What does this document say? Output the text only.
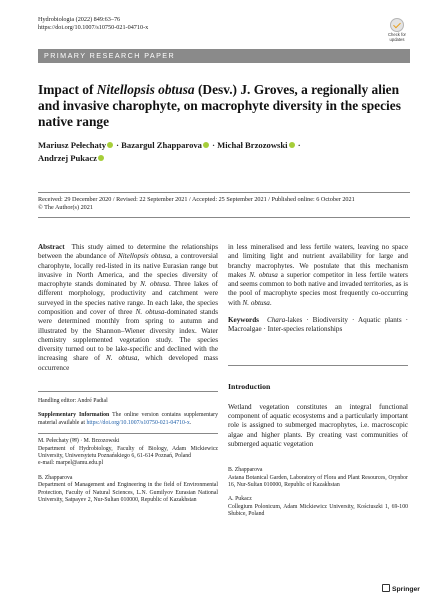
Hydrobiologia (2022) 849:63–76
https://doi.org/10.1007/s10750-021-04710-x
Check for
updates
PRIMARY RESEARCH PAPER
Impact of Nitellopsis obtusa (Desv.) J. Groves, a regionally alien and invasive charophyte, on macrophyte diversity in the species native range
Mariusz Pełechaty · Bazargul Zhapparova · Michał Brzozowski ·
Andrzej Pukacz
Received: 29 December 2020 / Revised: 22 September 2021 / Accepted: 25 September 2021 / Published online: 6 October 2021
© The Author(s) 2021

Abstract This study aimed to determine the relationships between the abundance of Nitellopsis obtusa, a controversial charophyte, locally red-listed in its native Eurasian range but invasive in North America, and the species diversity of macrophyte stands dominated by N. obtusa. Three lakes of different morphology, productivity and catchment were surveyed in the species native range. In each lake, the species composition and cover of three N. obtusa-dominated stands were determined monthly from spring to autumn and illustrated by the Shannon–Wiener diversity index. Water chemistry supplemented vegetation study. The species diversity turned out to be lake-specific and declined with the increasing share of N. obtusa, which developed mass occurrence

Handling editor: André Padial

Supplementary Information The online version contains supplementary material available at https://doi.org/10.1007/s10750-021-04710-x.

M. Pełechaty (✉) · M. Brzozowski
Department of Hydrobiology, Faculty of Biology, Adam Mickiewicz University, Uniwersytetu Poznańskiego 6, 61-614 Poznań, Poland
e-mail: marpel@amu.edu.pl

B. Zhapparova
Department of Management and Engineering in the field of Environmental Protection, Faculty of Natural Sciences, L.N. Gumilyov Eurasian National University, Satpayev 2, Nur-Sultan 010000, Republic of Kazakhstan

in less mineralised and less fertile waters, leaving no space and limiting light and nutrient availability for large and branchy macrophytes. We postulate that this mechanism makes N. obtusa a superior competitor in less fertile waters and seems common to both native and invaded territories, as is the pool of macrophyte species most frequently co-occurring with N. obtusa.

Keywords Chara-lakes · Biodiversity · Aquatic plants · Macroalgae · Inter-species relationships

Introduction

Wetland vegetation constitutes an integral functional component of aquatic ecosystems and a particularly important role is assigned to submerged macrophytes, i.e. macroscopic algae and higher plants. By creating vast communities of submerged aquatic vegetation

B. Zhapparova
Astana Botanical Garden, Laboratory of Flora and Plant Resources, Orynbor 16, Nur-Sultan 010000, Republic of Kazakhstan

A. Pukacz
Collegium Polonicum, Adam Mickiewicz University, Kościuszki 1, 69-100 Słubice, Poland

Springer
